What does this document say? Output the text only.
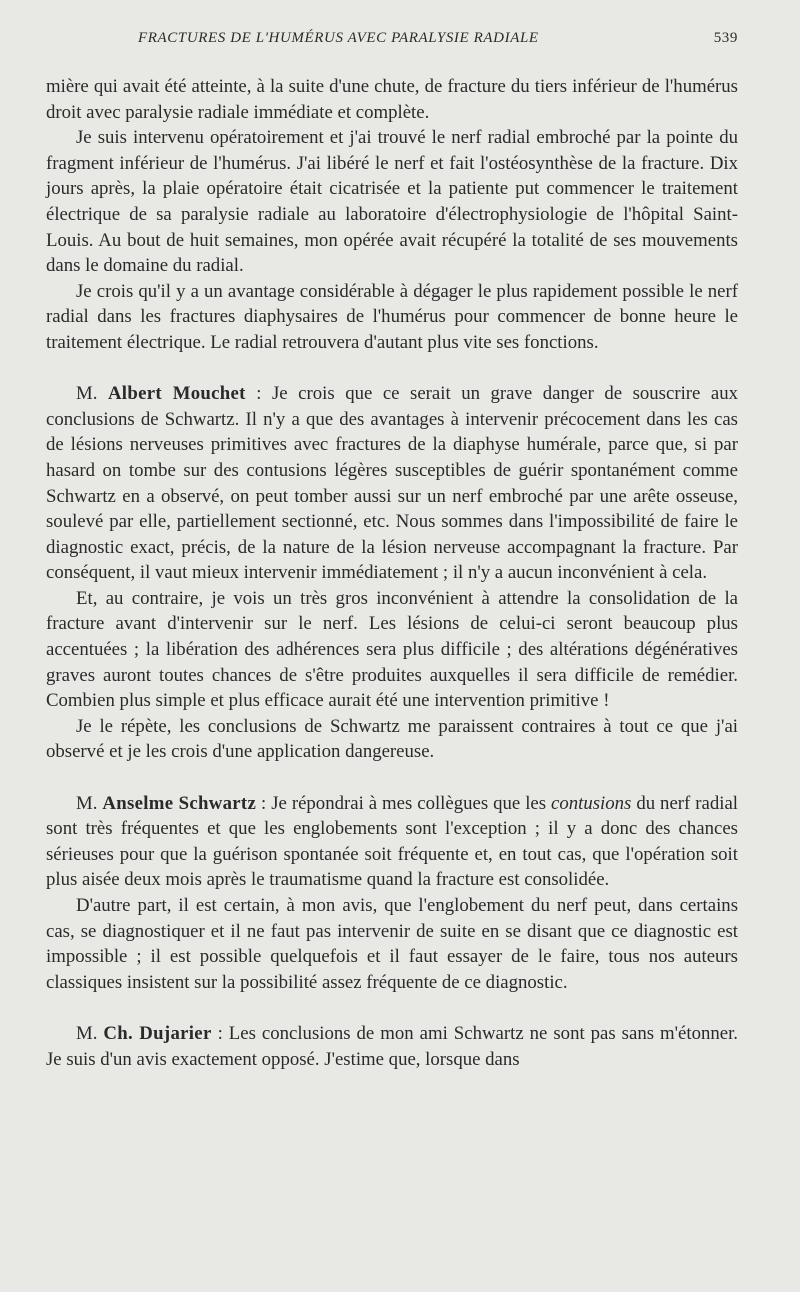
FRACTURES DE L'HUMÉRUS AVEC PARALYSIE RADIALE	539

mière qui avait été atteinte, à la suite d'une chute, de fracture du tiers inférieur de l'humérus droit avec paralysie radiale immédiate et complète.

Je suis intervenu opératoirement et j'ai trouvé le nerf radial embroché par la pointe du fragment inférieur de l'humérus. J'ai libéré le nerf et fait l'ostéosynthèse de la fracture. Dix jours après, la plaie opératoire était cicatrisée et la patiente put commencer le traitement électrique de sa paralysie radiale au laboratoire d'électrophysiologie de l'hôpital Saint-Louis. Au bout de huit semaines, mon opérée avait récupéré la totalité de ses mouvements dans le domaine du radial.

Je crois qu'il y a un avantage considérable à dégager le plus rapidement possible le nerf radial dans les fractures diaphysaires de l'humérus pour commencer de bonne heure le traitement électrique. Le radial retrouvera d'autant plus vite ses fonctions.

M. Albert Mouchet : Je crois que ce serait un grave danger de souscrire aux conclusions de Schwartz. Il n'y a que des avantages à intervenir précocement dans les cas de lésions nerveuses primitives avec fractures de la diaphyse humérale, parce que, si par hasard on tombe sur des contusions légères susceptibles de guérir spontanément comme Schwartz en a observé, on peut tomber aussi sur un nerf embroché par une arête osseuse, soulevé par elle, partiellement sectionné, etc. Nous sommes dans l'impossibilité de faire le diagnostic exact, précis, de la nature de la lésion nerveuse accompagnant la fracture. Par conséquent, il vaut mieux intervenir immédiatement ; il n'y a aucun inconvénient à cela.

Et, au contraire, je vois un très gros inconvénient à attendre la consolidation de la fracture avant d'intervenir sur le nerf. Les lésions de celui-ci seront beaucoup plus accentuées ; la libération des adhérences sera plus difficile ; des altérations dégénératives graves auront toutes chances de s'être produites auxquelles il sera difficile de remédier. Combien plus simple et plus efficace aurait été une intervention primitive !

Je le répète, les conclusions de Schwartz me paraissent contraires à tout ce que j'ai observé et je les crois d'une application dangereuse.

M. Anselme Schwartz : Je répondrai à mes collègues que les contusions du nerf radial sont très fréquentes et que les englobements sont l'exception ; il y a donc des chances sérieuses pour que la guérison spontanée soit fréquente et, en tout cas, que l'opération soit plus aisée deux mois après le traumatisme quand la fracture est consolidée.

D'autre part, il est certain, à mon avis, que l'englobement du nerf peut, dans certains cas, se diagnostiquer et il ne faut pas intervenir de suite en se disant que ce diagnostic est impossible ; il est possible quelquefois et il faut essayer de le faire, tous nos auteurs classiques insistent sur la possibilité assez fréquente de ce diagnostic.

M. Ch. Dujarier : Les conclusions de mon ami Schwartz ne sont pas sans m'étonner. Je suis d'un avis exactement opposé. J'estime que, lorsque dans
